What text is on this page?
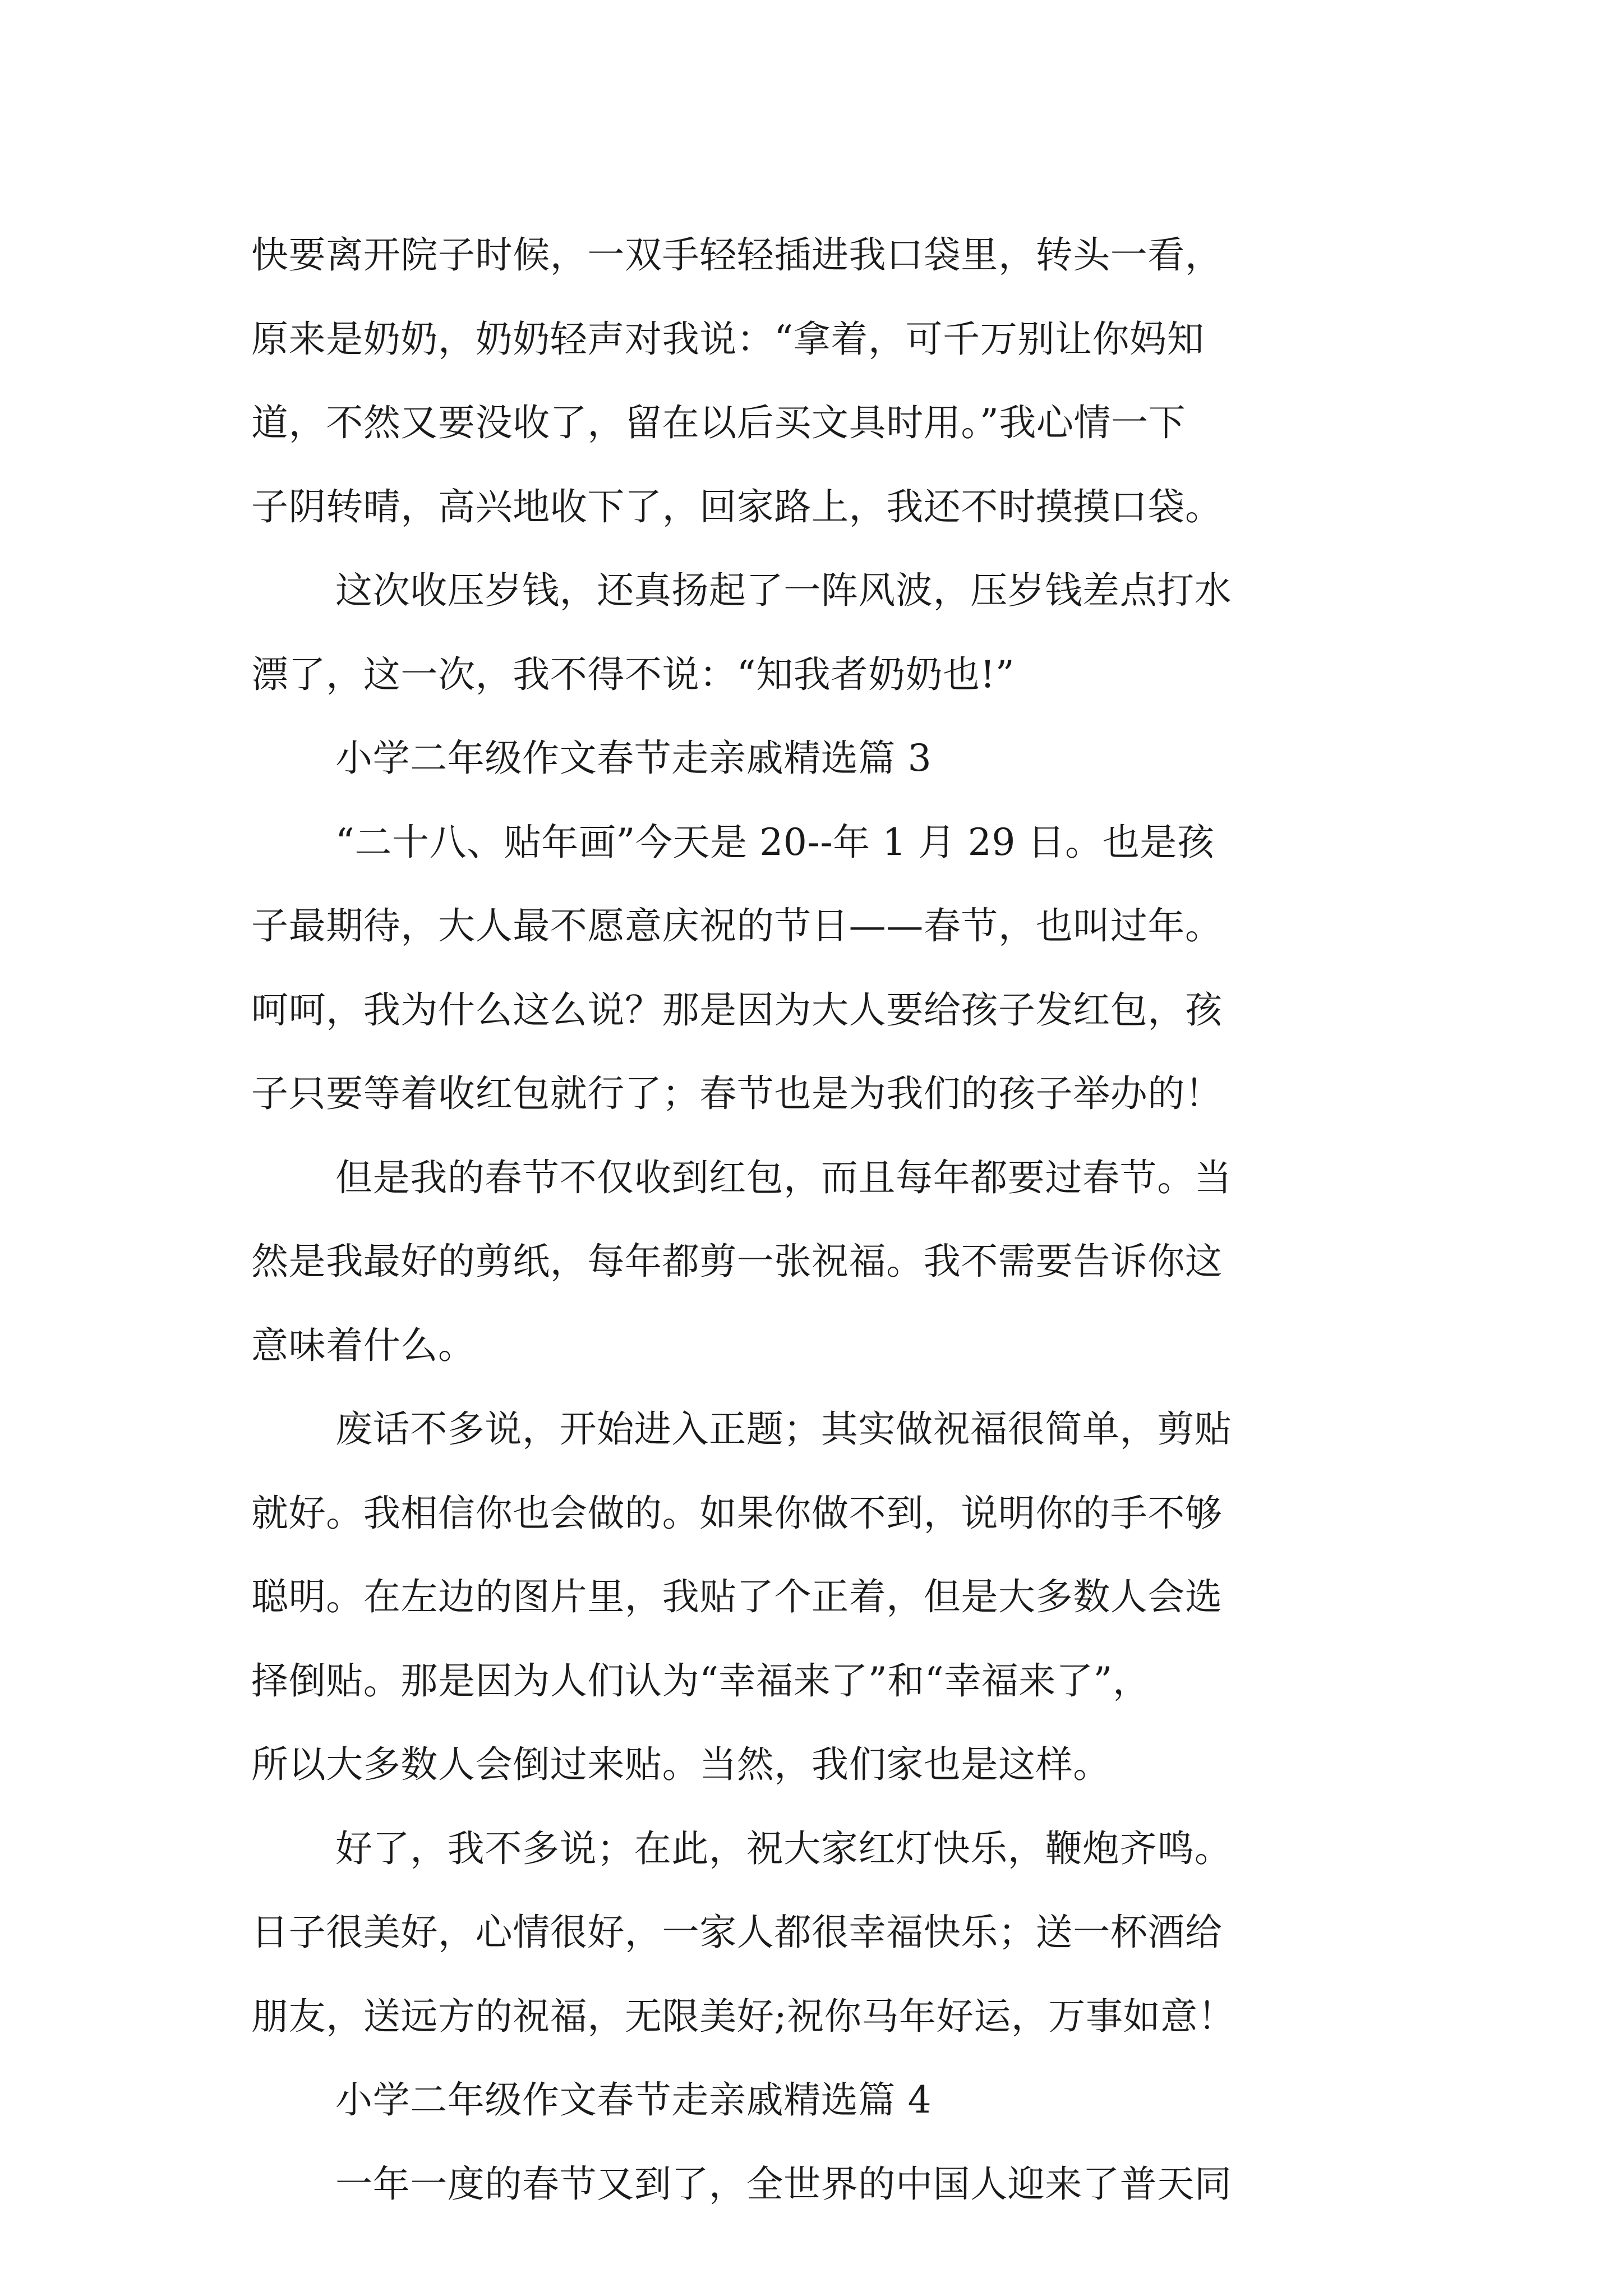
快要离开院子时候，一双手轻轻插进我口袋里，转头一看，
原来是奶奶，奶奶轻声对我说：“拿着，可千万别让你妈知
道，不然又要没收了，留在以后买文具时用。”我心情一下
子阴转晴，高兴地收下了，回家路上，我还不时摸摸口袋。
这次收压岁钱，还真扬起了一阵风波，压岁钱差点打水
漂了，这一次，我不得不说：“知我者奶奶也!”
小学二年级作文春节走亲戚精选篇 3
“二十八、贴年画”今天是 20--年 1 月 29 日。也是孩
子最期待，大人最不愿意庆祝的节日——春节，也叫过年。
呵呵，我为什么这么说？那是因为大人要给孩子发红包，孩
子只要等着收红包就行了；春节也是为我们的孩子举办的！
但是我的春节不仅收到红包，而且每年都要过春节。当
然是我最好的剪纸，每年都剪一张祝福。我不需要告诉你这
意味着什么。
废话不多说，开始进入正题；其实做祝福很简单，剪贴
就好。我相信你也会做的。如果你做不到，说明你的手不够
聪明。在左边的图片里，我贴了个正着，但是大多数人会选
择倒贴。那是因为人们认为“幸福来了”和“幸福来了”，
所以大多数人会倒过来贴。当然，我们家也是这样。
好了，我不多说；在此，祝大家红灯快乐，鞭炮齐鸣。
日子很美好，心情很好，一家人都很幸福快乐；送一杯酒给
朋友，送远方的祝福，无限美好;祝你马年好运，万事如意！
小学二年级作文春节走亲戚精选篇 4
一年一度的春节又到了，全世界的中国人迎来了普天同
